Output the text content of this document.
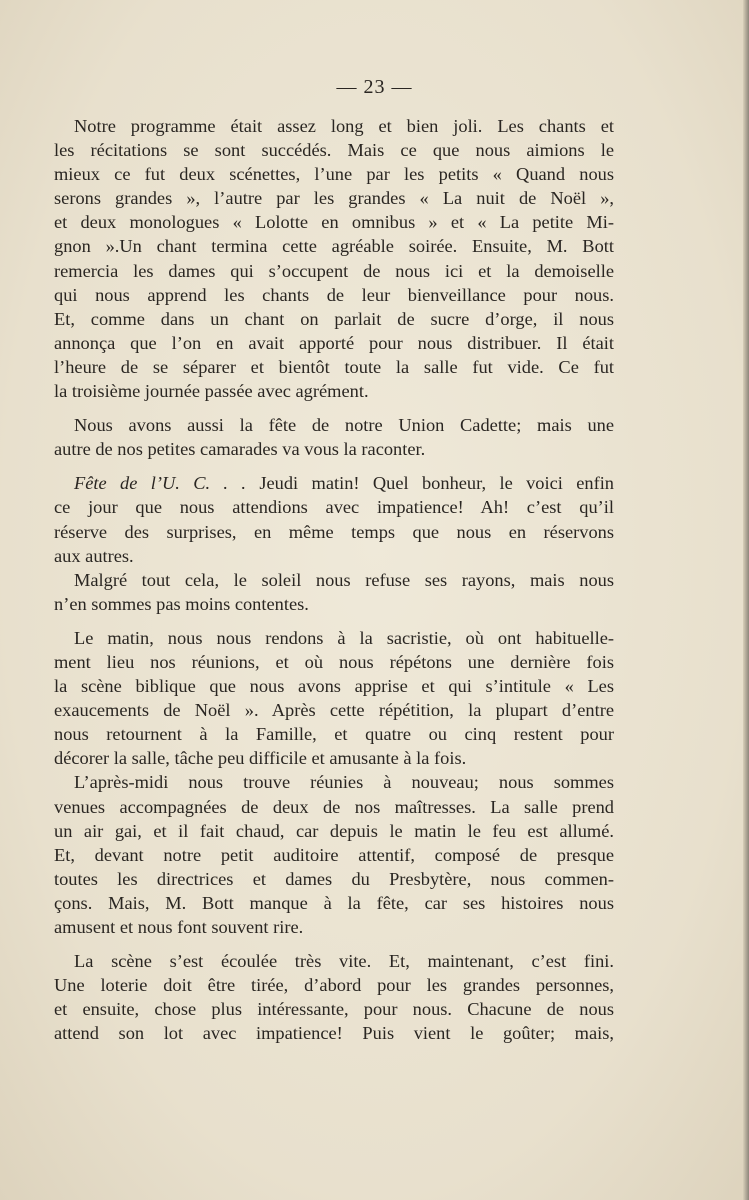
— 23 —
Notre programme était assez long et bien joli. Les chants et
les récitations se sont succédés. Mais ce que nous aimions le
mieux ce fut deux scénettes, l’une par les petits « Quand nous
serons grandes », l’autre par les grandes « La nuit de Noël »,
et deux monologues « Lolotte en omnibus » et « La petite Mi-
gnon ».Un chant termina cette agréable soirée. Ensuite, M. Bott
remercia les dames qui s’occupent de nous ici et la demoiselle
qui nous apprend les chants de leur bienveillance pour nous.
Et, comme dans un chant on parlait de sucre d’orge, il nous
annonça que l’on en avait apporté pour nous distribuer. Il était
l’heure de se séparer et bientôt toute la salle fut vide. Ce fut
la troisième journée passée avec agrément.
Nous avons aussi la fête de notre Union Cadette; mais une
autre de nos petites camarades va vous la raconter.
Fête de l’U. C. . . Jeudi matin! Quel bonheur, le voici enfin
ce jour que nous attendions avec impatience! Ah! c’est qu’il
réserve des surprises, en même temps que nous en réservons
aux autres.
Malgré tout cela, le soleil nous refuse ses rayons, mais nous
n’en sommes pas moins contentes.
Le matin, nous nous rendons à la sacristie, où ont habituelle-
ment lieu nos réunions, et où nous répétons une dernière fois
la scène biblique que nous avons apprise et qui s’intitule « Les
exaucements de Noël ». Après cette répétition, la plupart d’entre
nous retournent à la Famille, et quatre ou cinq restent pour
décorer la salle, tâche peu difficile et amusante à la fois.
L’après-midi nous trouve réunies à nouveau; nous sommes
venues accompagnées de deux de nos maîtresses. La salle prend
un air gai, et il fait chaud, car depuis le matin le feu est allumé.
Et, devant notre petit auditoire attentif, composé de presque
toutes les directrices et dames du Presbytère, nous commen-
çons. Mais, M. Bott manque à la fête, car ses histoires nous
amusent et nous font souvent rire.
La scène s’est écoulée très vite. Et, maintenant, c’est fini.
Une loterie doit être tirée, d’abord pour les grandes personnes,
et ensuite, chose plus intéressante, pour nous. Chacune de nous
attend son lot avec impatience! Puis vient le goûter; mais,
